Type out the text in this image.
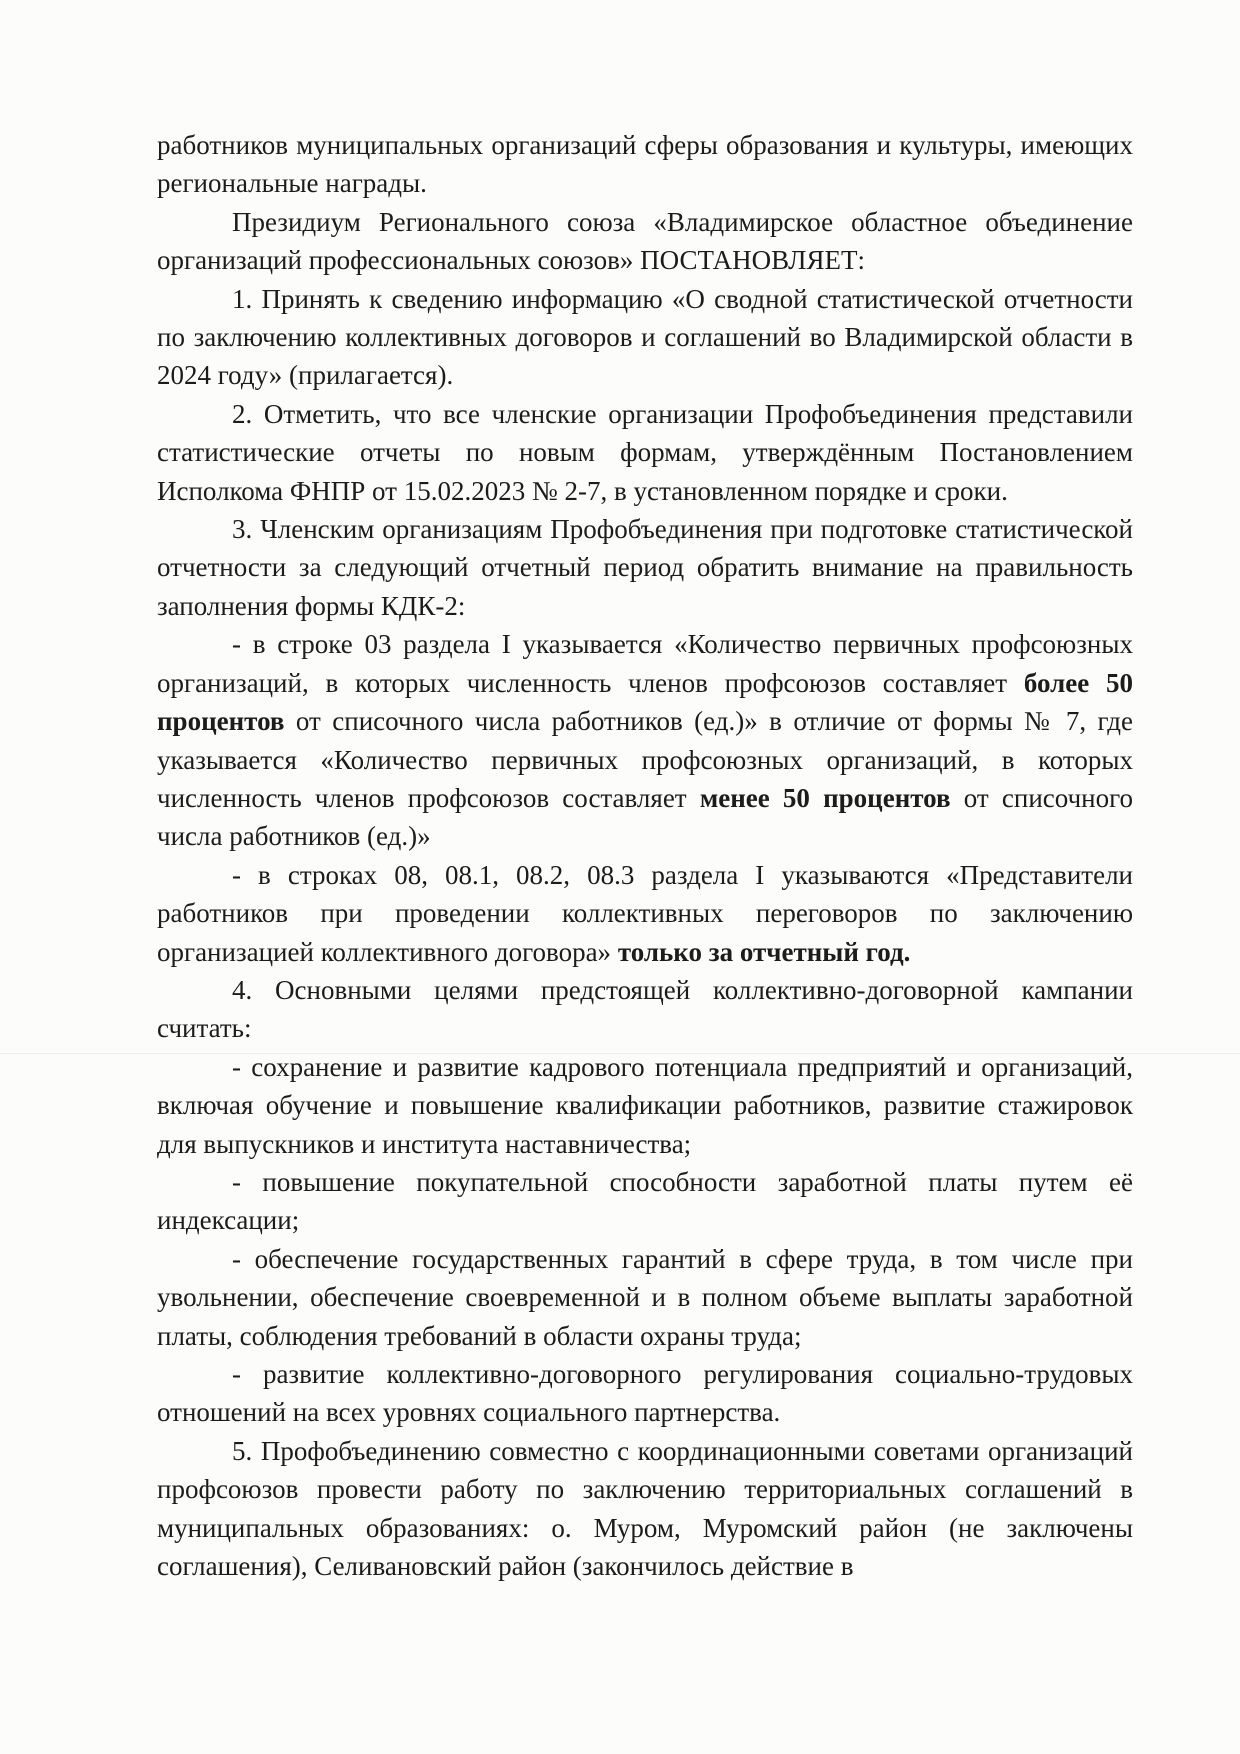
работников муниципальных организаций сферы образования и культуры, имеющих региональные награды.

Президиум Регионального союза «Владимирское областное объединение организаций профессиональных союзов» ПОСТАНОВЛЯЕТ:

1. Принять к сведению информацию «О сводной статистической отчетности по заключению коллективных договоров и соглашений во Владимирской области в 2024 году» (прилагается).

2. Отметить, что все членские организации Профобъединения представили статистические отчеты по новым формам, утверждённым Постановлением Исполкома ФНПР от 15.02.2023 № 2-7, в установленном порядке и сроки.

3. Членским организациям Профобъединения при подготовке статистической отчетности за следующий отчетный период обратить внимание на правильность заполнения формы КДК-2:

- в строке 03 раздела I указывается «Количество первичных профсоюзных организаций, в которых численность членов профсоюзов составляет более 50 процентов от списочного числа работников (ед.)» в отличие от формы № 7, где указывается «Количество первичных профсоюзных организаций, в которых численность членов профсоюзов составляет менее 50 процентов от списочного числа работников (ед.)»

- в строках 08, 08.1, 08.2, 08.3 раздела I указываются «Представители работников при проведении коллективных переговоров по заключению организацией коллективного договора» только за отчетный год.

4. Основными целями предстоящей коллективно-договорной кампании считать:

- сохранение и развитие кадрового потенциала предприятий и организаций, включая обучение и повышение квалификации работников, развитие стажировок для выпускников и института наставничества;

- повышение покупательной способности заработной платы путем её индексации;

- обеспечение государственных гарантий в сфере труда, в том числе при увольнении, обеспечение своевременной и в полном объеме выплаты заработной платы, соблюдения требований в области охраны труда;

- развитие коллективно-договорного регулирования социально-трудовых отношений на всех уровнях социального партнерства.

5. Профобъединению совместно с координационными советами организаций профсоюзов провести работу по заключению территориальных соглашений в муниципальных образованиях: о. Муром, Муромский район (не заключены соглашения), Селивановский район (закончилось действие в
